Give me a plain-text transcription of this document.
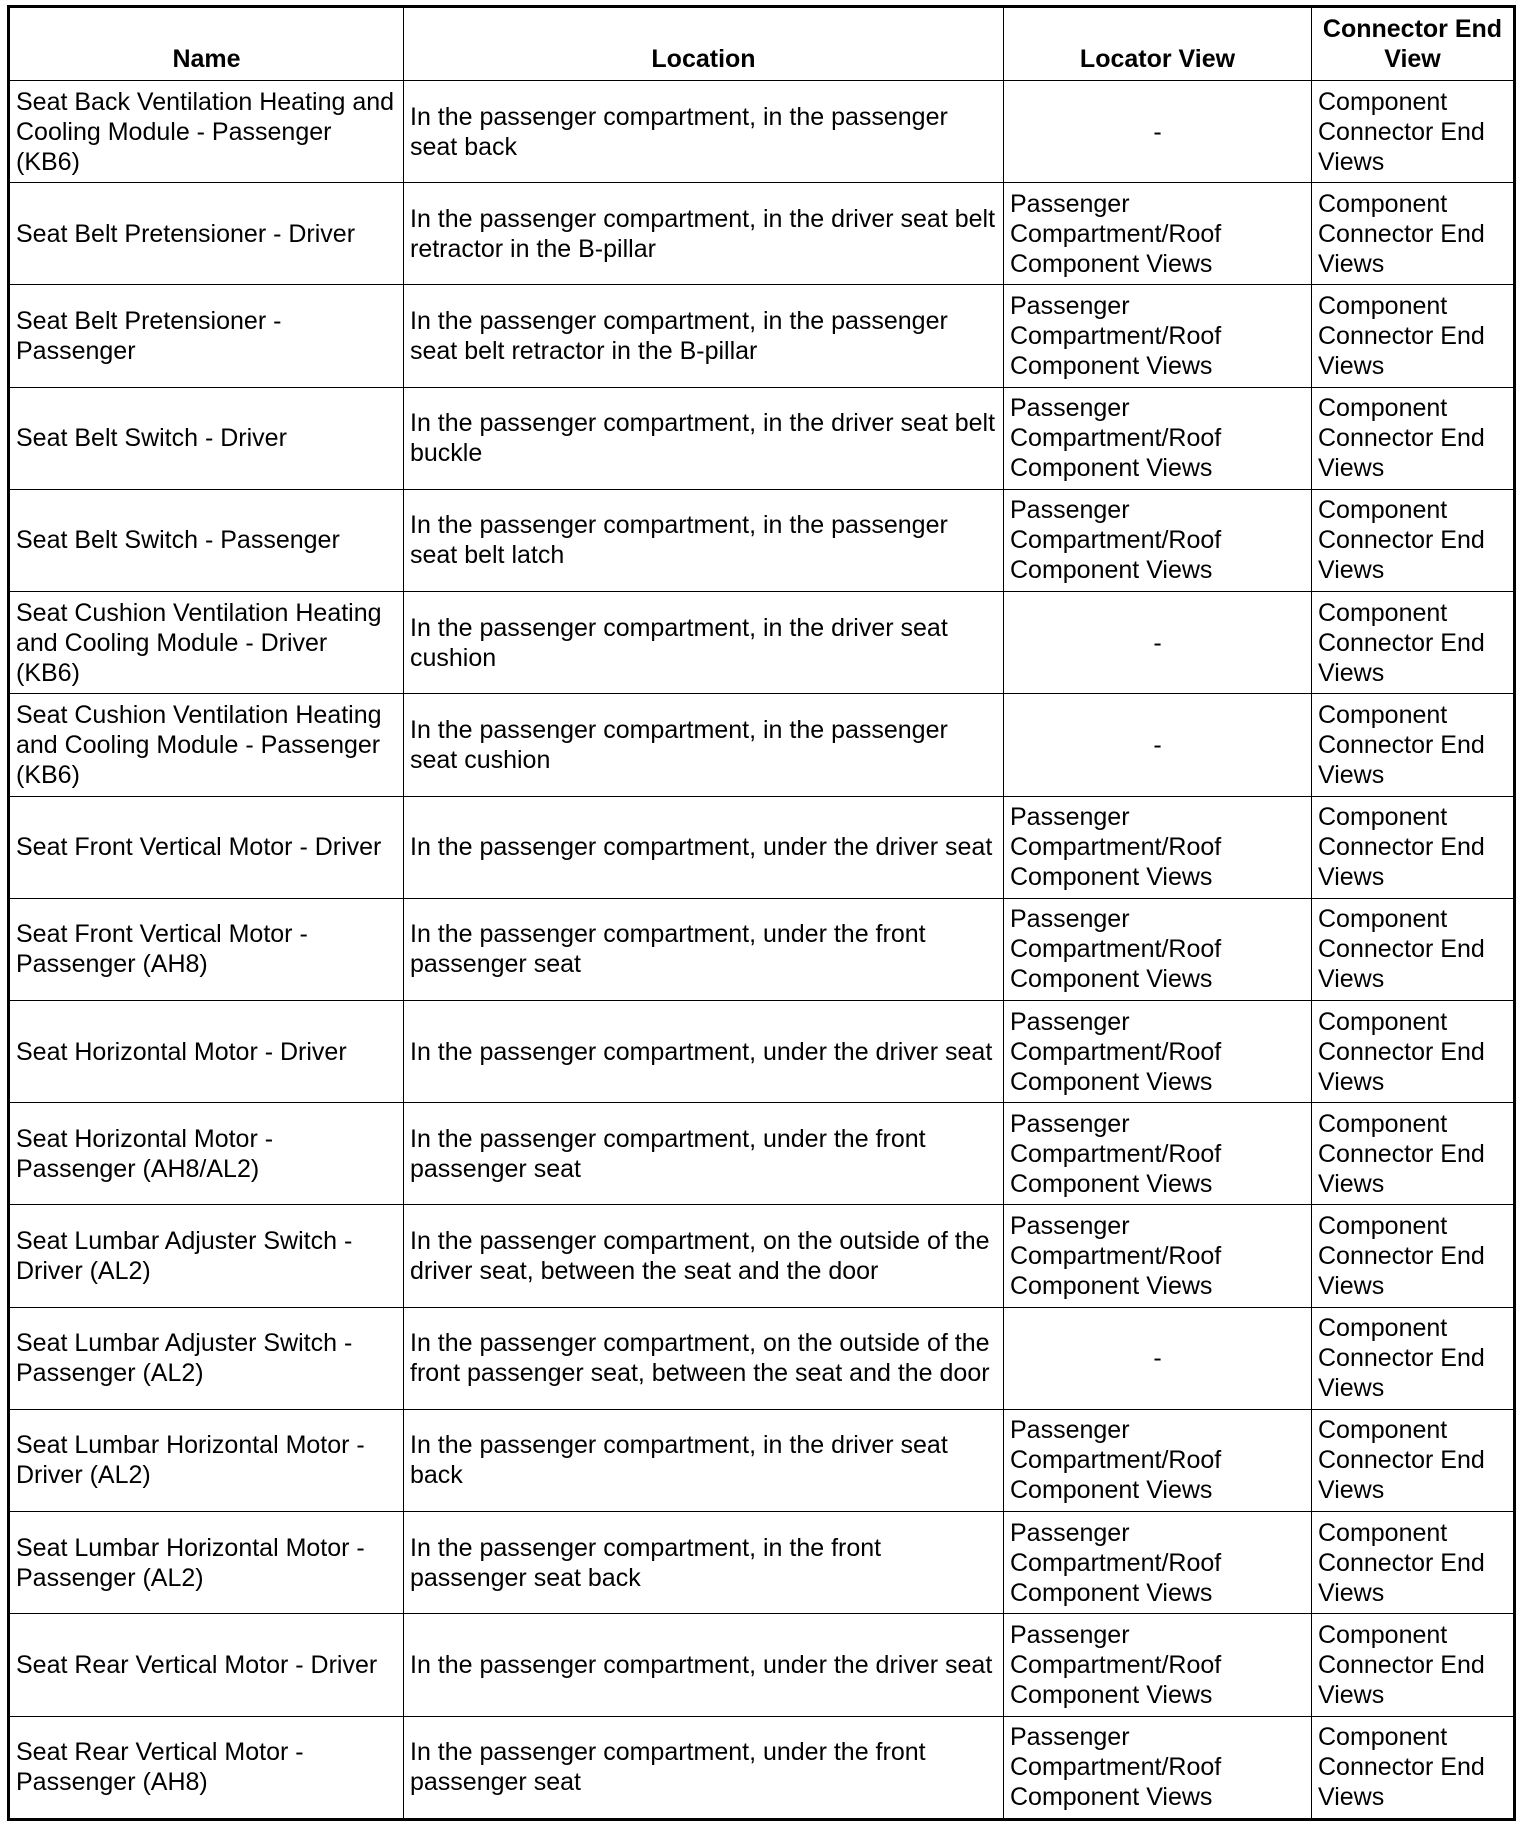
Name	Location	Locator View	Connector End View
Seat Back Ventilation Heating and Cooling Module - Passenger (KB6)	In the passenger compartment, in the passenger seat back	-	Component Connector End Views
Seat Belt Pretensioner - Driver	In the passenger compartment, in the driver seat belt retractor in the B-pillar	Passenger Compartment/Roof Component Views	Component Connector End Views
Seat Belt Pretensioner - Passenger	In the passenger compartment, in the passenger seat belt retractor in the B-pillar	Passenger Compartment/Roof Component Views	Component Connector End Views
Seat Belt Switch - Driver	In the passenger compartment, in the driver seat belt buckle	Passenger Compartment/Roof Component Views	Component Connector End Views
Seat Belt Switch - Passenger	In the passenger compartment, in the passenger seat belt latch	Passenger Compartment/Roof Component Views	Component Connector End Views
Seat Cushion Ventilation Heating and Cooling Module - Driver (KB6)	In the passenger compartment, in the driver seat cushion	-	Component Connector End Views
Seat Cushion Ventilation Heating and Cooling Module - Passenger (KB6)	In the passenger compartment, in the passenger seat cushion	-	Component Connector End Views
Seat Front Vertical Motor - Driver	In the passenger compartment, under the driver seat	Passenger Compartment/Roof Component Views	Component Connector End Views
Seat Front Vertical Motor - Passenger (AH8)	In the passenger compartment, under the front passenger seat	Passenger Compartment/Roof Component Views	Component Connector End Views
Seat Horizontal Motor - Driver	In the passenger compartment, under the driver seat	Passenger Compartment/Roof Component Views	Component Connector End Views
Seat Horizontal Motor - Passenger (AH8/AL2)	In the passenger compartment, under the front passenger seat	Passenger Compartment/Roof Component Views	Component Connector End Views
Seat Lumbar Adjuster Switch - Driver (AL2)	In the passenger compartment, on the outside of the driver seat, between the seat and the door	Passenger Compartment/Roof Component Views	Component Connector End Views
Seat Lumbar Adjuster Switch - Passenger (AL2)	In the passenger compartment, on the outside of the front passenger seat, between the seat and the door	-	Component Connector End Views
Seat Lumbar Horizontal Motor - Driver (AL2)	In the passenger compartment, in the driver seat back	Passenger Compartment/Roof Component Views	Component Connector End Views
Seat Lumbar Horizontal Motor - Passenger (AL2)	In the passenger compartment, in the front passenger seat back	Passenger Compartment/Roof Component Views	Component Connector End Views
Seat Rear Vertical Motor - Driver	In the passenger compartment, under the driver seat	Passenger Compartment/Roof Component Views	Component Connector End Views
Seat Rear Vertical Motor - Passenger (AH8)	In the passenger compartment, under the front passenger seat	Passenger Compartment/Roof Component Views	Component Connector End Views
